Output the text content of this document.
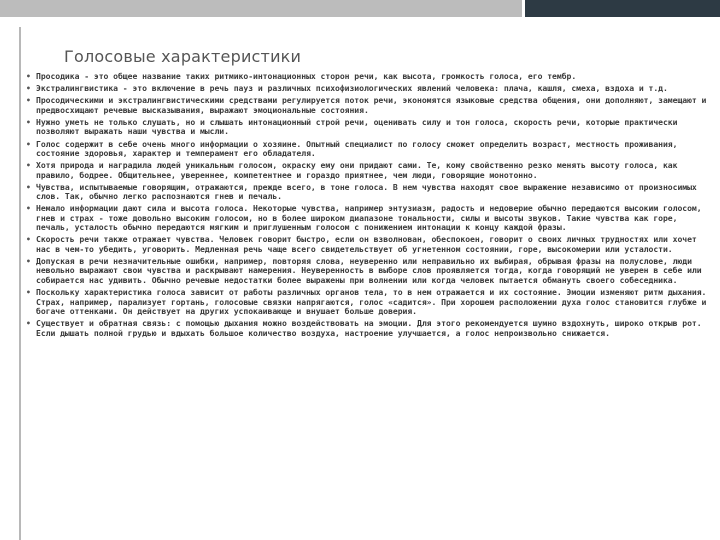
Голосовые характеристики
• Просодика - это общее название таких ритмико-интонационных сторон речи, как высота, громкость голоса, его тембр.
• Экстралингвистика - это включение в речь пауз и различных психофизиологических явлений человека: плача, кашля, смеха, вздоха и т.д.
• Просодическими и экстралингвистическими средствами регулируется поток речи, экономятся языковые средства общения, они дополняют, замещают и предвосхищают речевые высказывания, выражают эмоциональные состояния.
• Нужно уметь не только слушать, но и слышать интонационный строй речи, оценивать силу и тон голоса, скорость речи, которые практически позволяют выражать наши чувства и мысли.
• Голос содержит в себе очень много информации о хозяине. Опытный специалист по голосу сможет определить возраст, местность проживания, состояние здоровья, характер и темперамент его обладателя.
• Хотя природа и наградила людей уникальным голосом, окраску ему они придают сами. Те, кому свойственно резко менять высоту голоса, как правило, бодрее. Общительнее, увереннее, компетентнее и гораздо приятнее, чем люди, говорящие монотонно.
• Чувства, испытываемые говорящим, отражаются, прежде всего, в тоне голоса. В нем чувства находят свое выражение независимо от произносимых слов. Так, обычно легко распознаются гнев и печаль.
• Немало информации дают сила и высота голоса. Некоторые чувства, например энтузиазм, радость и недоверие обычно передаются высоким голосом, гнев и страх - тоже довольно высоким голосом, но в более широком диапазоне тональности, силы и высоты звуков. Такие чувства как горе, печаль, усталость обычно передаются мягким и приглушенным голосом с понижением интонации к концу каждой фразы.
• Скорость речи также отражает чувства. Человек говорит быстро, если он взволнован, обеспокоен, говорит о своих личных трудностях или хочет нас в чем-то убедить, уговорить. Медленная речь чаще всего свидетельствует об угнетенном состоянии, горе, высокомерии или усталости.
• Допуская в речи незначительные ошибки, например, повторяя слова, неуверенно или неправильно их выбирая, обрывая фразы на полуслове, люди невольно выражают свои чувства и раскрывают намерения. Неуверенность в выборе слов проявляется тогда, когда говорящий не уверен в себе или собирается нас удивить. Обычно речевые недостатки более выражены при волнении или когда человек пытается обмануть своего собеседника.
• Поскольку характеристика голоса зависит от работы различных органов тела, то в нем отражается и их состояние. Эмоции изменяют ритм дыхания. Страх, например, парализует гортань, голосовые связки напрягаются, голос «садится». При хорошем расположении духа голос становится глубже и богаче оттенками. Он действует на других успокаивающе и внушает больше доверия.
• Существует и обратная связь: с помощью дыхания можно воздействовать на эмоции. Для этого рекомендуется шумно вздохнуть, широко открыв рот. Если дышать полной грудью и вдыхать большое количество воздуха, настроение улучшается, а голос непроизвольно снижается.
